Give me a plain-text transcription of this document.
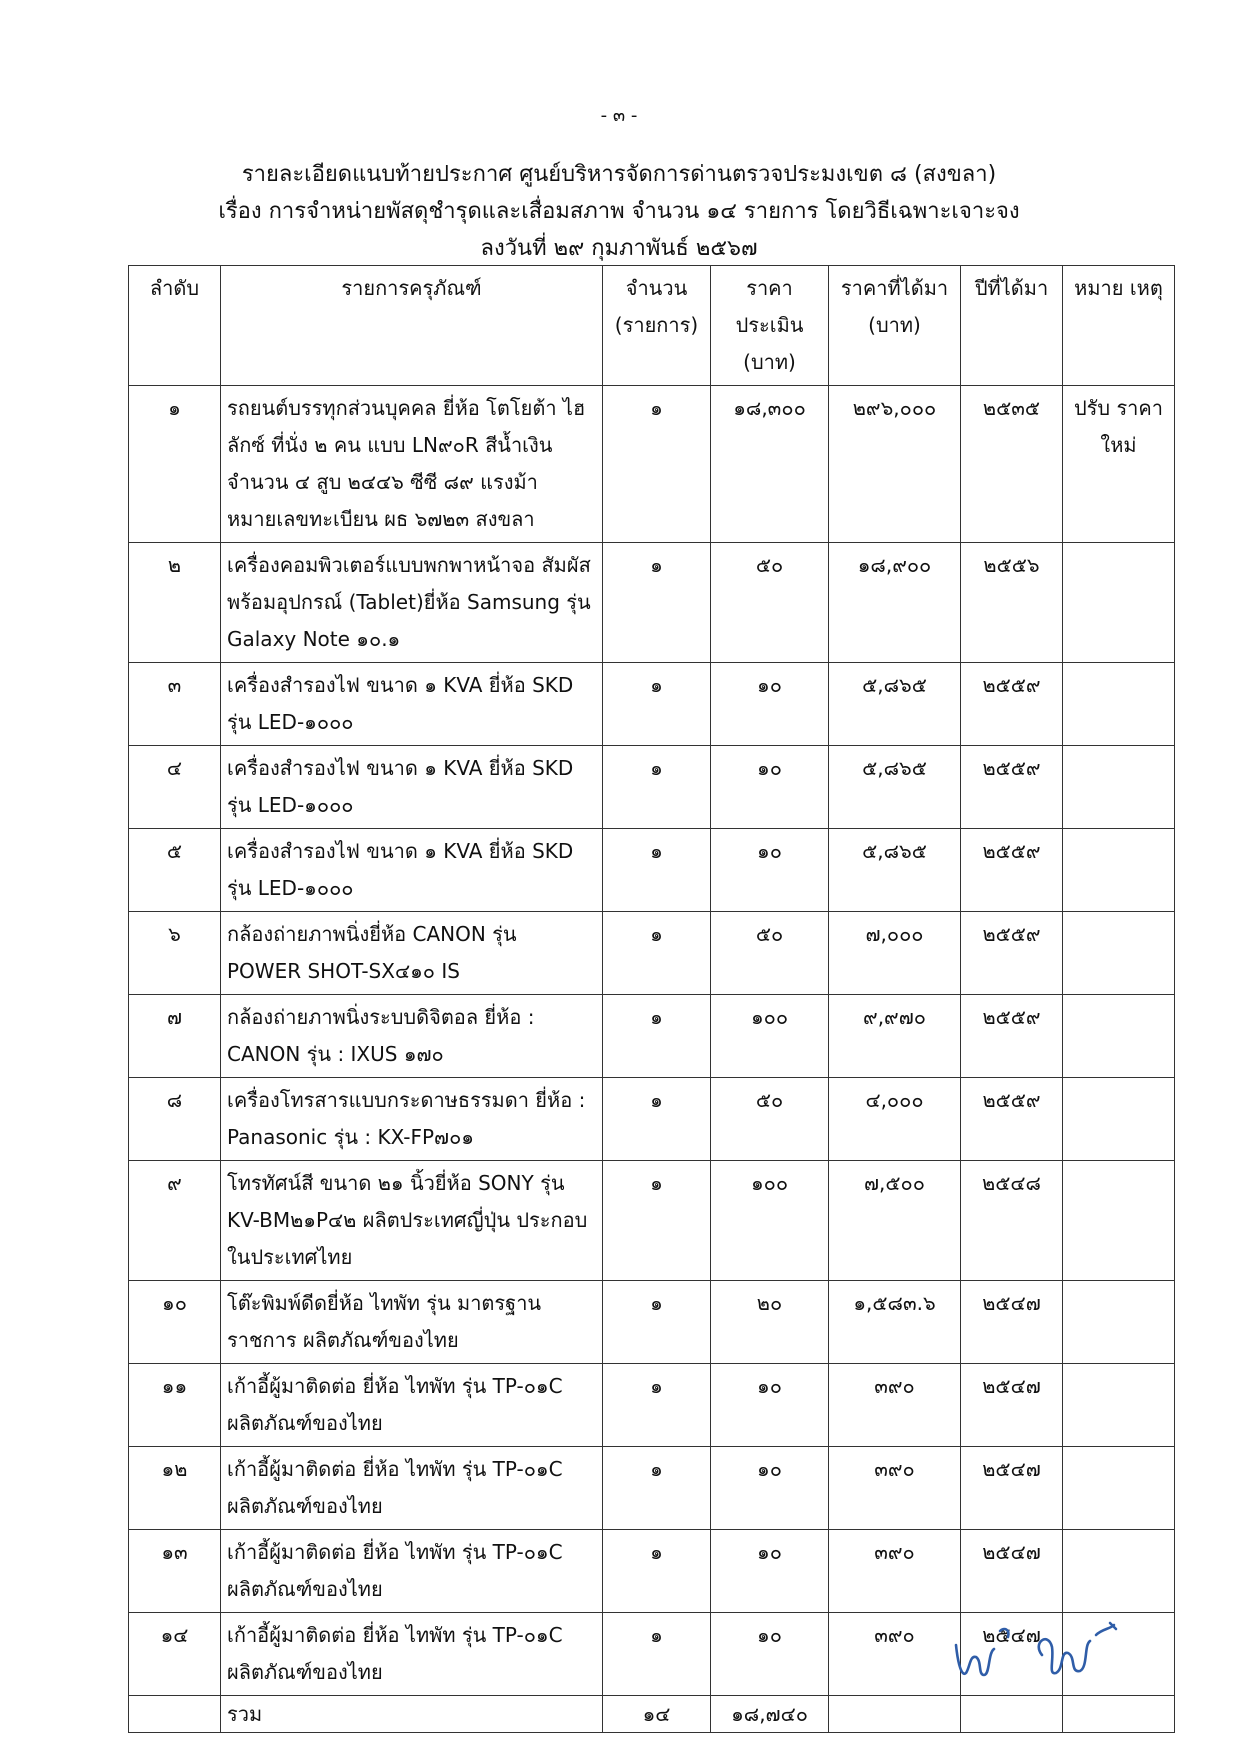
- ๓ -
รายละเอียดแนบท้ายประกาศ ศูนย์บริหารจัดการด่านตรวจประมงเขต ๘ (สงขลา)
เรื่อง การจำหน่ายพัสดุชำรุดและเสื่อมสภาพ จำนวน ๑๔ รายการ โดยวิธีเฉพาะเจาะจง
ลงวันที่ ๒๙ กุมภาพันธ์ ๒๕๖๗
ลำดับ	รายการครุภัณฑ์	จำนวน (รายการ)	ราคา ประเมิน (บาท)	ราคาที่ได้มา (บาท)	ปีที่ได้มา	หมาย เหตุ
๑	รถยนต์บรรทุกส่วนบุคคล ยี่ห้อ โตโยต้า ไฮลักซ์ ที่นั่ง ๒ คน แบบ LN๙๐R สีน้ำเงิน จำนวน ๔ สูบ ๒๔๔๖ ซีซี ๘๙ แรงม้า หมายเลขทะเบียน ผธ ๖๗๒๓ สงขลา	๑	๑๘,๓๐๐	๒๙๖,๐๐๐	๒๕๓๕	ปรับ ราคา ใหม่
๒	เครื่องคอมพิวเตอร์แบบพกพาหน้าจอ สัมผัสพร้อมอุปกรณ์ (Tablet)ยี่ห้อ Samsung รุ่น Galaxy Note ๑๐.๑	๑	๕๐	๑๘,๙๐๐	๒๕๕๖	
๓	เครื่องสำรองไฟ ขนาด ๑ KVA ยี่ห้อ SKD รุ่น LED-๑๐๐๐	๑	๑๐	๕,๘๖๕	๒๕๕๙	
๔	เครื่องสำรองไฟ ขนาด ๑ KVA ยี่ห้อ SKD รุ่น LED-๑๐๐๐	๑	๑๐	๕,๘๖๕	๒๕๕๙	
๕	เครื่องสำรองไฟ ขนาด ๑ KVA ยี่ห้อ SKD รุ่น LED-๑๐๐๐	๑	๑๐	๕,๘๖๕	๒๕๕๙	
๖	กล้องถ่ายภาพนิ่งยี่ห้อ CANON รุ่น POWER SHOT-SX๔๑๐ IS	๑	๕๐	๗,๐๐๐	๒๕๕๙	
๗	กล้องถ่ายภาพนิ่งระบบดิจิตอล ยี่ห้อ : CANON รุ่น : IXUS ๑๗๐	๑	๑๐๐	๙,๙๗๐	๒๕๕๙	
๘	เครื่องโทรสารแบบกระดาษธรรมดา ยี่ห้อ : Panasonic รุ่น : KX-FP๗๐๑	๑	๕๐	๔,๐๐๐	๒๕๕๙	
๙	โทรทัศน์สี ขนาด ๒๑ นิ้วยี่ห้อ SONY รุ่น KV-BM๒๑P๔๒ ผลิตประเทศญี่ปุ่น ประกอบในประเทศไทย	๑	๑๐๐	๗,๕๐๐	๒๕๔๘	
๑๐	โต๊ะพิมพ์ดีดยี่ห้อ ไทพัท รุ่น มาตรฐาน ราชการ ผลิตภัณฑ์ของไทย	๑	๒๐	๑,๕๘๓.๖	๒๕๔๗	
๑๑	เก้าอี้ผู้มาติดต่อ ยี่ห้อ ไทพัท รุ่น TP-๐๑C ผลิตภัณฑ์ของไทย	๑	๑๐	๓๙๐	๒๕๔๗	
๑๒	เก้าอี้ผู้มาติดต่อ ยี่ห้อ ไทพัท รุ่น TP-๐๑C ผลิตภัณฑ์ของไทย	๑	๑๐	๓๙๐	๒๕๔๗	
๑๓	เก้าอี้ผู้มาติดต่อ ยี่ห้อ ไทพัท รุ่น TP-๐๑C ผลิตภัณฑ์ของไทย	๑	๑๐	๓๙๐	๒๕๔๗	
๑๔	เก้าอี้ผู้มาติดต่อ ยี่ห้อ ไทพัท รุ่น TP-๐๑C ผลิตภัณฑ์ของไทย	๑	๑๐	๓๙๐	๒๕๔๗	
	รวม	๑๔	๑๘,๗๔๐			
